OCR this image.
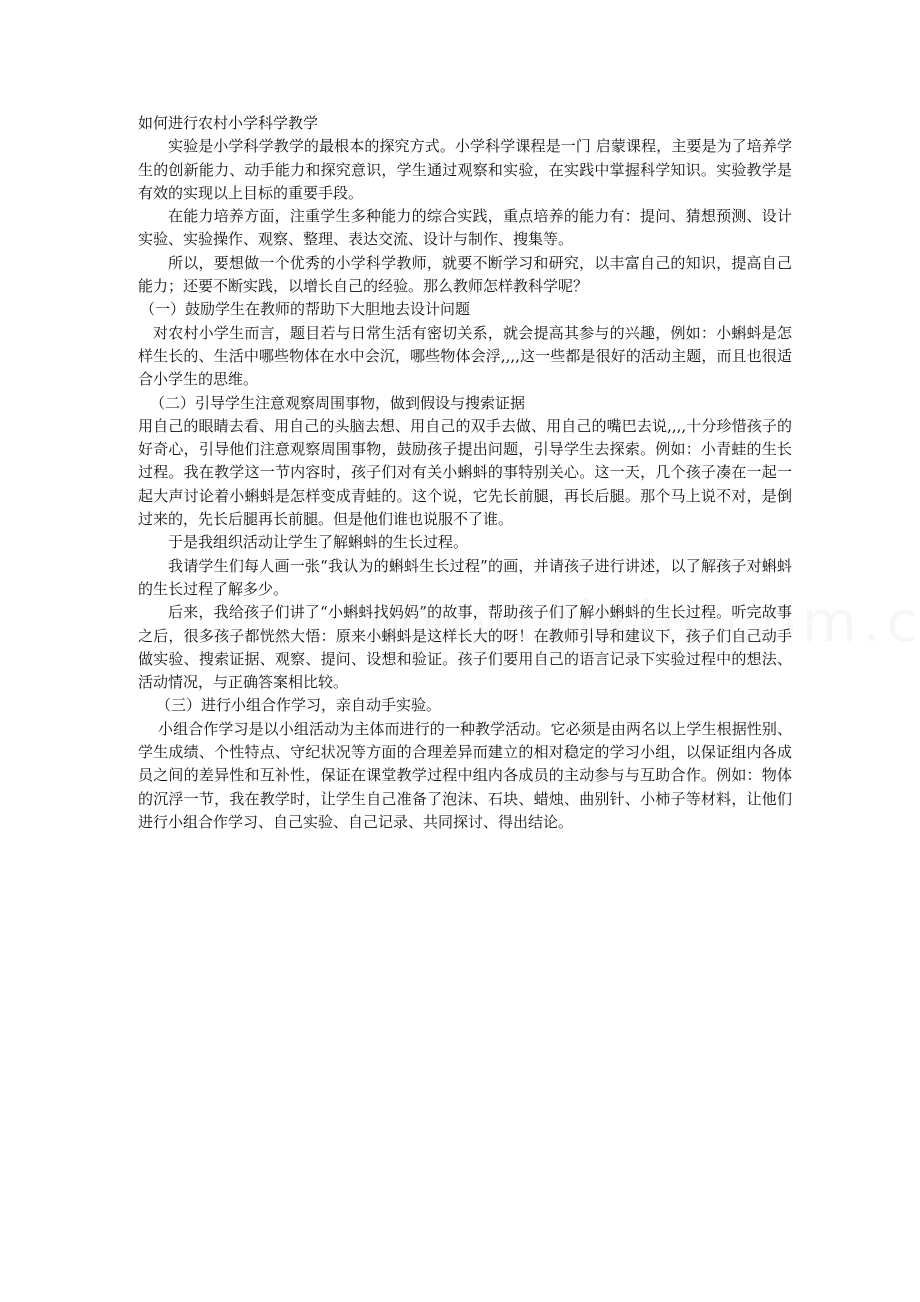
如何进行农村小学科学教学

实验是小学科学教学的最根本的探究方式。小学科学课程是一门 启蒙课程，主要是为了培养学生的创新能力、动手能力和探究意识，学生通过观察和实验，在实践中掌握科学知识。实验教学是有效的实现以上目标的重要手段。

在能力培养方面，注重学生多种能力的综合实践，重点培养的能力有：提问、猜想预测、设计实验、实验操作、观察、整理、表达交流、设计与制作、搜集等。

所以，要想做一个优秀的小学科学教师，就要不断学习和研究，以丰富自己的知识，提高自己能力；还要不断实践，以增长自己的经验。那么教师怎样教科学呢？

（一）鼓励学生在教师的帮助下大胆地去设计问题

对农村小学生而言，题目若与日常生活有密切关系，就会提高其参与的兴趣，例如：小蝌蚪是怎样生长的、生活中哪些物体在水中会沉，哪些物体会浮,,,,这一些都是很好的活动主题，而且也很适合小学生的思维。

（二）引导学生注意观察周围事物，做到假设与搜索证据

用自己的眼睛去看、用自己的头脑去想、用自己的双手去做、用自己的嘴巴去说,,,,十分珍惜孩子的好奇心，引导他们注意观察周围事物，鼓励孩子提出问题，引导学生去探索。例如：小青蛙的生长过程。我在教学这一节内容时，孩子们对有关小蝌蚪的事特别关心。这一天，几个孩子凑在一起一起大声讨论着小蝌蚪是怎样变成青蛙的。这个说，它先长前腿，再长后腿。那个马上说不对，是倒过来的，先长后腿再长前腿。但是他们谁也说服不了谁。

于是我组织活动让学生了解蝌蚪的生长过程。

我请学生们每人画一张“我认为的蝌蚪生长过程”的画，并请孩子进行讲述，以了解孩子对蝌蚪的生长过程了解多少。

后来，我给孩子们讲了“小蝌蚪找妈妈”的故事，帮助孩子们了解小蝌蚪的生长过程。听完故事之后，很多孩子都恍然大悟：原来小蝌蚪是这样长大的呀！在教师引导和建议下，孩子们自己动手做实验、搜索证据、观察、提问、设想和验证。孩子们要用自己的语言记录下实验过程中的想法、活动情况，与正确答案相比较。

（三）进行小组合作学习，亲自动手实验。

小组合作学习是以小组活动为主体而进行的一种教学活动。它必须是由两名以上学生根据性别、学生成绩、个性特点、守纪状况等方面的合理差异而建立的相对稳定的学习小组，以保证组内各成员之间的差异性和互补性，保证在课堂教学过程中组内各成员的主动参与与互助合作。例如：物体的沉浮一节，我在教学时，让学生自己准备了泡沫、石块、蜡烛、曲别针、小柿子等材料，让他们进行小组合作学习、自己实验、自己记录、共同探讨、得出结论。
